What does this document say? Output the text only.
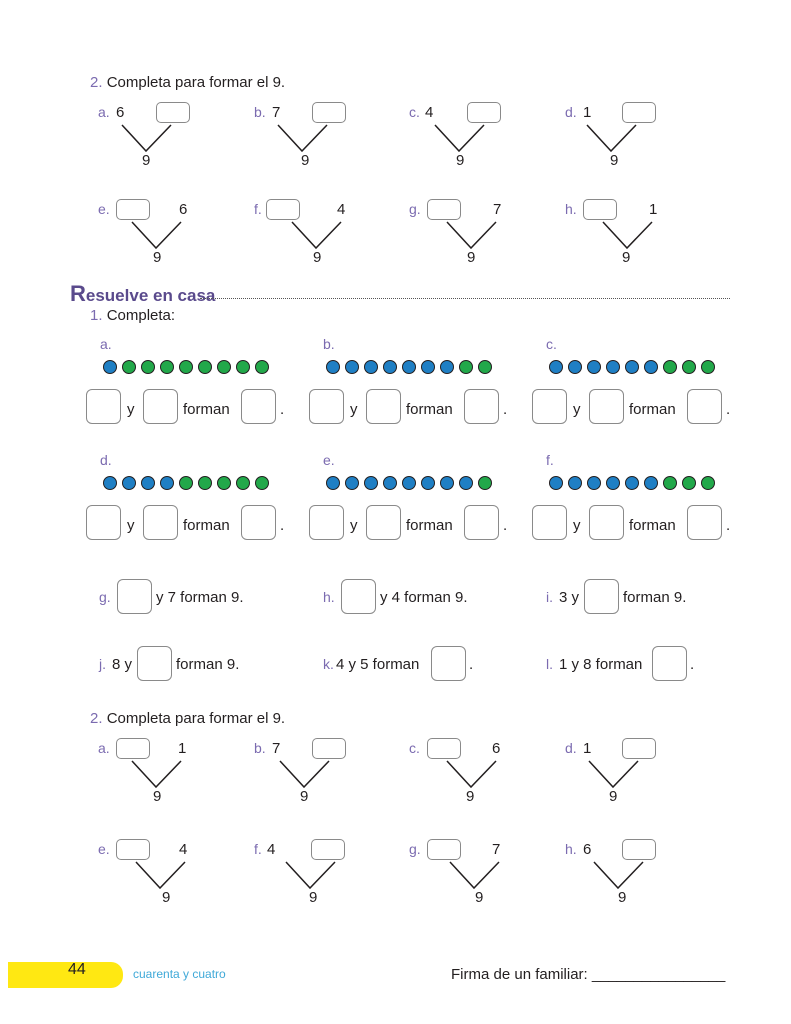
2. Completa para formar el 9.
a. 6
9
b. 7
9
c. 4
9
d. 1
9
e.	6
9
f.	4
9
g.	7
9
h.	1
9
Resuelve en casa
1. Completa:
a.
y	forman	.
b.
y	forman	.
c.
y	forman	.
d.
y	forman	.
e.
y	forman	.
f.
y	forman	.
g.	y 7 forman 9.	h.	y 4 forman 9.	i. 3 y	forman 9.
j. 8 y	forman 9.	k. 4 y 5 forman	.	l. 1 y 8 forman	.
2. Completa para formar el 9.
a.	1
9
b. 7
9
c.	6
9
d. 1
9
e.	4
9
f. 4
9
g.	7
9
h. 6
9
44	cuarenta y cuatro	Firma de un familiar: ________________
